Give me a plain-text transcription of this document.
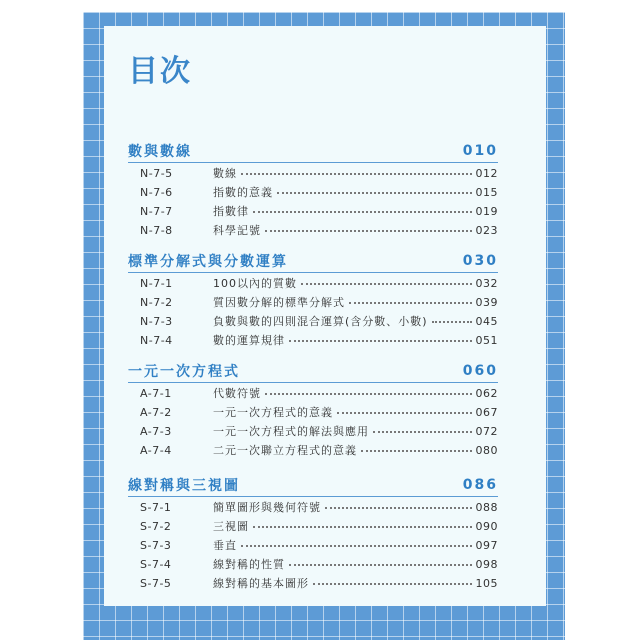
目次
數與數線	010
N-7-5	數線	012
N-7-6	指數的意義	015
N-7-7	指數律	019
N-7-8	科學記號	023
標準分解式與分數運算	030
N-7-1	100以內的質數	032
N-7-2	質因數分解的標準分解式	039
N-7-3	負數與數的四則混合運算(含分數、小數)	045
N-7-4	數的運算規律	051
一元一次方程式	060
A-7-1	代數符號	062
A-7-2	一元一次方程式的意義	067
A-7-3	一元一次方程式的解法與應用	072
A-7-4	二元一次聯立方程式的意義	080
線對稱與三視圖	086
S-7-1	簡單圖形與幾何符號	088
S-7-2	三視圖	090
S-7-3	垂直	097
S-7-4	線對稱的性質	098
S-7-5	線對稱的基本圖形	105
